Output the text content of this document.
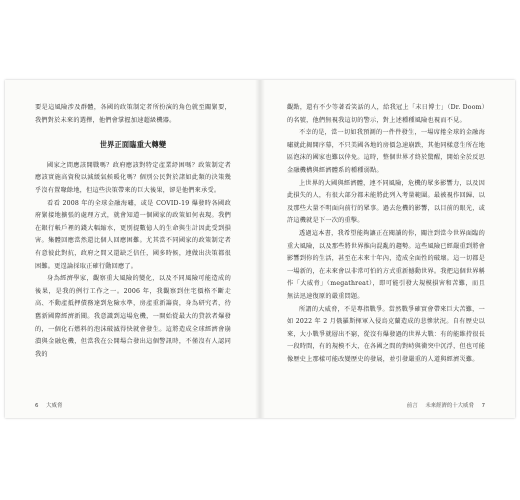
要是這風險涉及群體，各國的政策制定者所扮演的角色就至關緊要，我們對於未來的選擇，他們會掌握加速超級機器。

世界正面臨重大轉變

國家之間應該開戰嗎？政府應該對特定產業紓困嗎？政策制定者應該實施高資稅以減緩氣候暖化嗎？個別公民對於諸如此類的決策幾乎沒有置喙餘地，但這些決策帶來的巨大後果，卻是他們來承受。

看看 2008 年的全球金融海嘯，或是 COVID-19 爆發時各國政府緊接地擴張的處理方式，就會知道一個國家的政策如何表現。我們在銀行帳戶裡的錢大幅縮水，更別提數億人的生命與生計因此受到損害。集體回應當然還比個人回應困難。尤其當不同國家的政策制定者有意彼此對抗，政府之間又還缺乏信任，國多時候，連做出決策都很困難。更遑論採取正確行動回應了。

身為經濟學家，觀察重大風險的變化，以及不同風險可能造成的後果，是我的例行工作之一。2006 年，我觀察到住宅價格不斷走高、不動產抵押債務達到危險水準，房產重新籌資，身為研究者，待舊新國際經濟新聞。我意識到這場危機，一開始從最大的貸款者爆發的，一個化石燃料的泡沫破滅得快就會發生。這將造成全球經濟會崩潰與金融危機，但當我在公開場合發出這個警訊時，不僅沒有人認同我的

觀點，還有不少等著看笑話的人，給我冠上「末日博士」（Dr. Doom）的名號，他們無視我這切的警示，對上述種種風險也視而不見。

不幸的是，當一切如我預測的一件件發生，一場席捲全球的金融海嘯就此揭開序幕，不只美國各地的房價急速崩跌，其他同樣意生所在地區泡沫的國家也難以倖免。這時，整個世界才終於驚醒，開始全於反思金融機構與經濟體系的種種弱點。

上世界的大國與經濟體，連不同風險，危機的眾多影響力，以及因此損失的人，有很大部分都未能將此列入考量範圍。最被視作回歸、以及那些大量不明面向前行的眾事。過去危機的影響，以目前的眼光，或許這機就是下一次的重擊。

透過這本書，我希望能夠讓正在閱讀的你，關注到當今世界面臨的重大風險，以及那些將世界推向混亂的趨勢。這些風險已經嚴重到將會影響到你的生活，甚至在未來十年內，造成全面性的破壞。這一切都是一場新的，在未來會以非常可怕的方式重新撼動世界。我把這個世界稱作「大威脅」（megathreat），即可能引發大規模損害和苦難，而且無法迅速復原的嚴重問題。

所謂的大威脅，不是專指戰爭。當然戰爭確實會帶來巨大苦難，一如 2022 年 2 月俄羅斯揮軍入侵烏克蘭造成的悲慘狀況。自有歷史以來，大小戰爭就層出不窮，從沒有爆發過的世界大戰：有的能維持很長一段時間，有的規模不大，在各國之間的對峙與衝突中沉浮，但也可能像歷史上那樣可能改變歷史的發展，並引發嚴重的人道與經濟災難。

6 大威脅	前言 未來經濟的十大威脅 7
